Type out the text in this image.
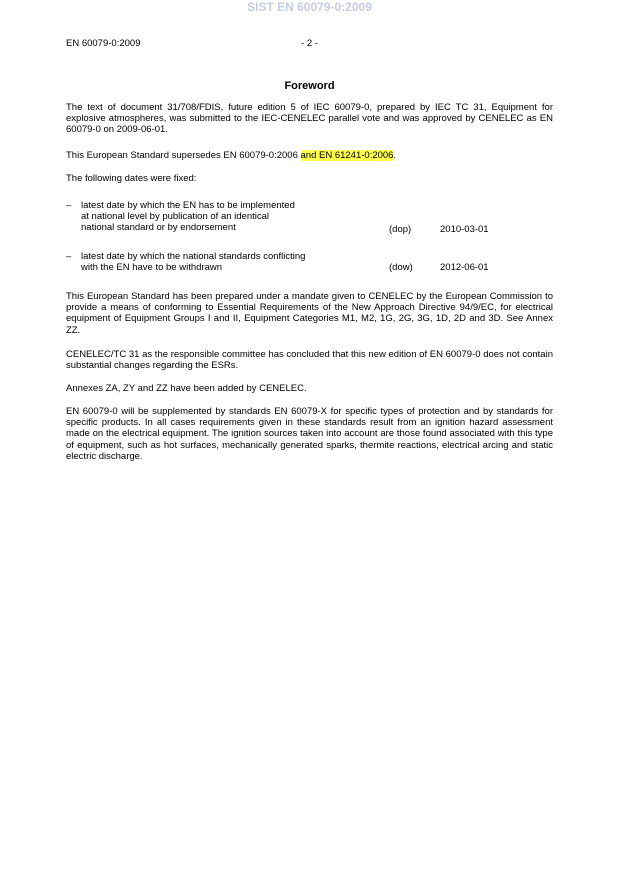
SIST EN 60079-0:2009
EN 60079-0:2009	- 2 -
Foreword

The text of document 31/708/FDIS, future edition 5 of IEC 60079-0, prepared by IEC TC 31, Equipment for explosive atmospheres, was submitted to the IEC-CENELEC parallel vote and was approved by CENELEC as EN 60079-0 on 2009-06-01.

This European Standard supersedes EN 60079-0:2006 and EN 61241-0:2006.

The following dates were fixed:

– latest date by which the EN has to be implemented
at national level by publication of an identical
national standard or by endorsement	(dop)	2010-03-01
– latest date by which the national standards conflicting
with the EN have to be withdrawn	(dow)	2012-06-01

This European Standard has been prepared under a mandate given to CENELEC by the European Commission to provide a means of conforming to Essential Requirements of the New Approach Directive 94/9/EC, for electrical equipment of Equipment Groups I and II, Equipment Categories M1, M2, 1G, 2G, 3G, 1D, 2D and 3D. See Annex ZZ.

CENELEC/TC 31 as the responsible committee has concluded that this new edition of EN 60079-0 does not contain substantial changes regarding the ESRs.

Annexes ZA, ZY and ZZ have been added by CENELEC.

EN 60079-0 will be supplemented by standards EN 60079-X for specific types of protection and by standards for specific products. In all cases requirements given in these standards result from an ignition hazard assessment made on the electrical equipment. The ignition sources taken into account are those found associated with this type of equipment, such as hot surfaces, mechanically generated sparks, thermite reactions, electrical arcing and static electric discharge.
